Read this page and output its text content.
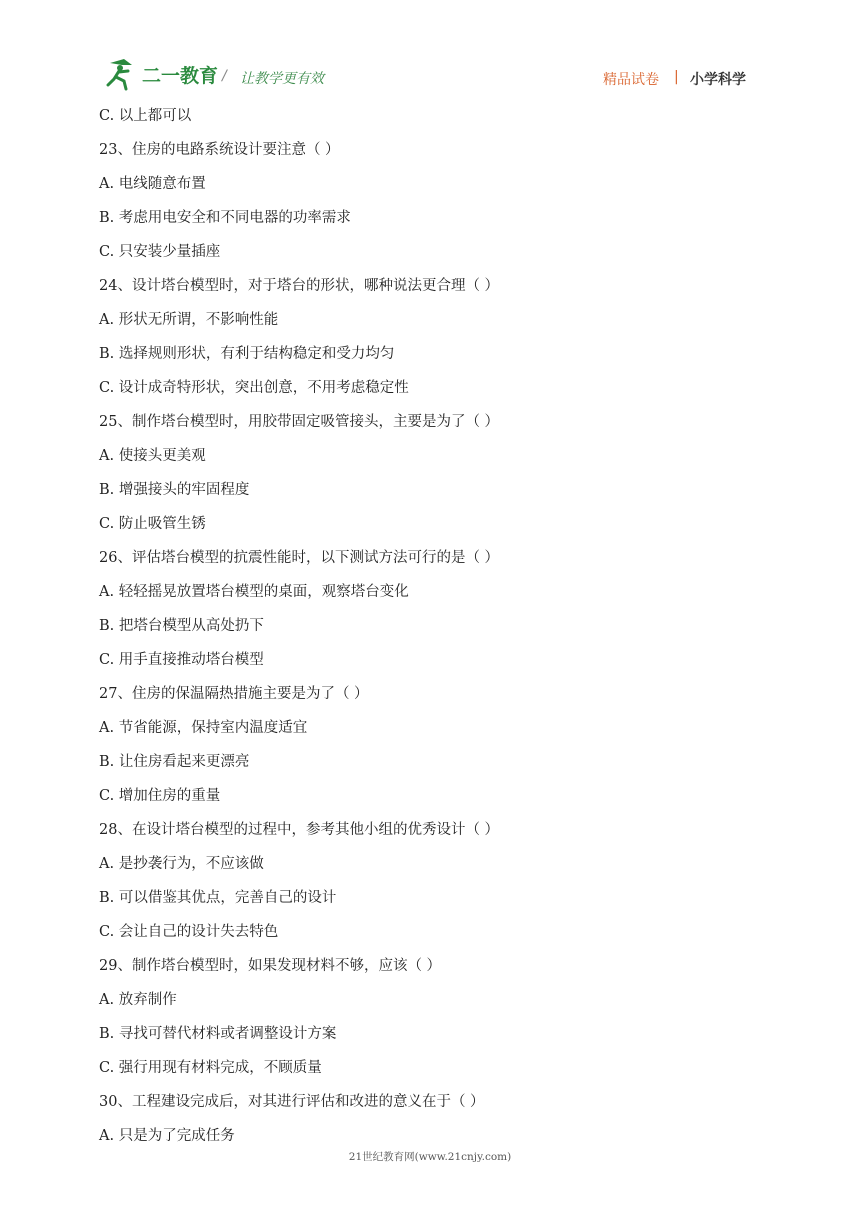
二一教育 / 让教学更有效	精品试卷 | 小学科学
C. 以上都可以
23、住房的电路系统设计要注意（ ）
A. 电线随意布置
B. 考虑用电安全和不同电器的功率需求
C. 只安装少量插座
24、设计塔台模型时，对于塔台的形状，哪种说法更合理（ ）
A. 形状无所谓，不影响性能
B. 选择规则形状，有利于结构稳定和受力均匀
C. 设计成奇特形状，突出创意，不用考虑稳定性
25、制作塔台模型时，用胶带固定吸管接头，主要是为了（ ）
A. 使接头更美观
B. 增强接头的牢固程度
C. 防止吸管生锈
26、评估塔台模型的抗震性能时，以下测试方法可行的是（ ）
A. 轻轻摇晃放置塔台模型的桌面，观察塔台变化
B. 把塔台模型从高处扔下
C. 用手直接推动塔台模型
27、住房的保温隔热措施主要是为了（ ）
A. 节省能源，保持室内温度适宜
B. 让住房看起来更漂亮
C. 增加住房的重量
28、在设计塔台模型的过程中，参考其他小组的优秀设计（ ）
A. 是抄袭行为，不应该做
B. 可以借鉴其优点，完善自己的设计
C. 会让自己的设计失去特色
29、制作塔台模型时，如果发现材料不够，应该（ ）
A. 放弃制作
B. 寻找可替代材料或者调整设计方案
C. 强行用现有材料完成，不顾质量
30、工程建设完成后，对其进行评估和改进的意义在于（ ）
A. 只是为了完成任务
21世纪教育网(www.21cnjy.com)
